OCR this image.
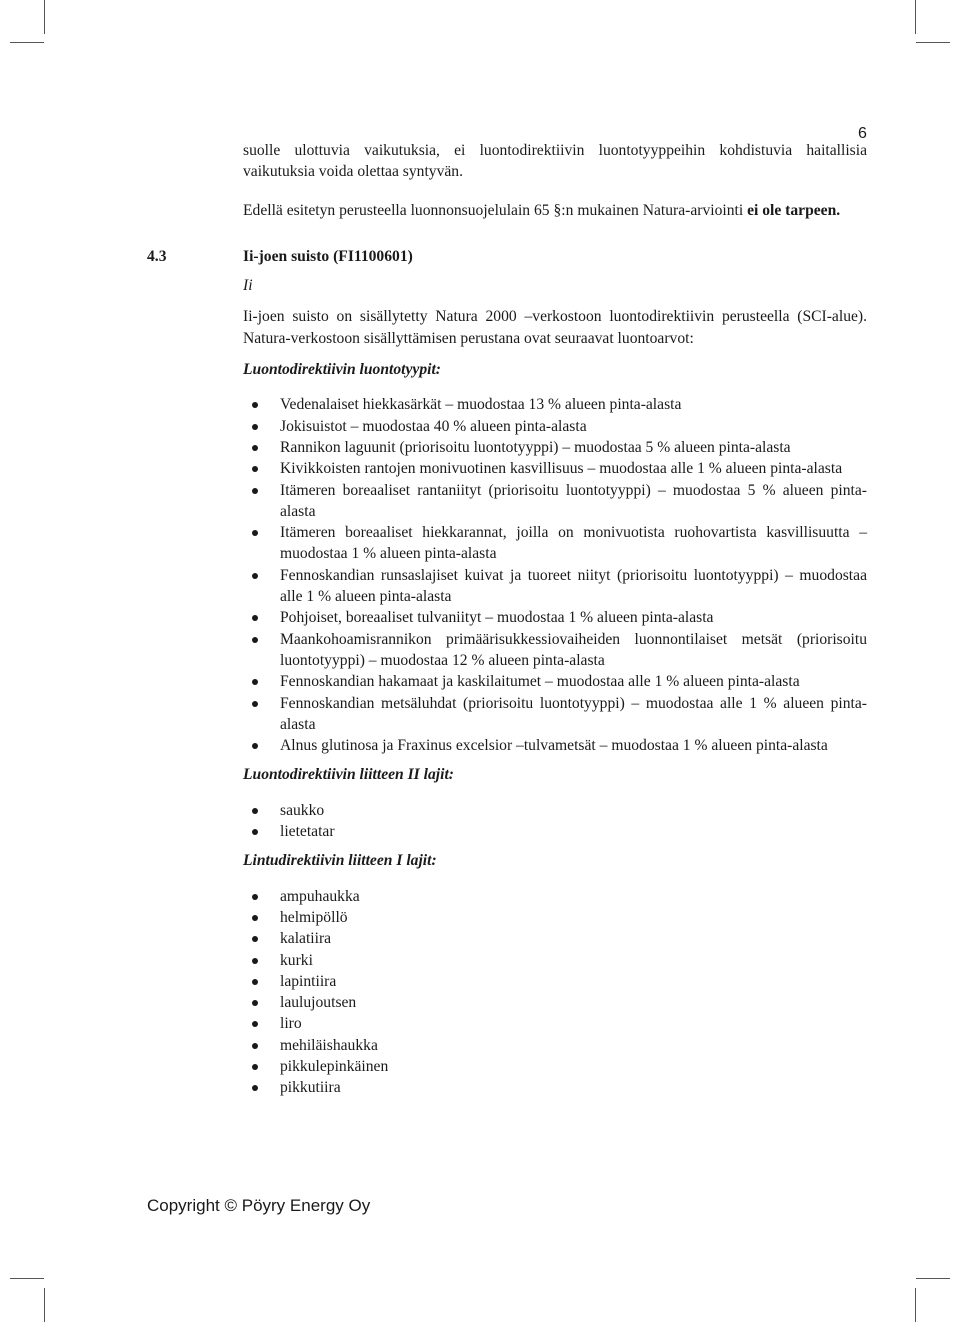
6

suolle ulottuvia vaikutuksia, ei luontodirektiivin luontotyyppeihin kohdistuvia haitallisia vaikutuksia voida olettaa syntyvän.

Edellä esitetyn perusteella luonnonsuojelulain 65 §:n mukainen Natura-arviointi ei ole tarpeen.

4.3	Ii-joen suisto (FI1100601)

Ii

Ii-joen suisto on sisällytetty Natura 2000 –verkostoon luontodirektiivin perusteella (SCI-alue). Natura-verkostoon sisällyttämisen perustana ovat seuraavat luontoarvot:

Luontodirektiivin luontotyypit:
Vedenalaiset hiekkasärkät – muodostaa 13 % alueen pinta-alasta
Jokisuistot – muodostaa 40 % alueen pinta-alasta
Rannikon laguunit (priorisoitu luontotyyppi) – muodostaa 5 % alueen pinta-alasta
Kivikkoisten rantojen monivuotinen kasvillisuus – muodostaa alle 1 % alueen pinta-alasta
Itämeren boreaaliset rantaniityt (priorisoitu luontotyyppi) – muodostaa 5 % alueen pinta-alasta
Itämeren boreaaliset hiekkarannat, joilla on monivuotista ruohovartista kasvillisuutta – muodostaa 1 % alueen pinta-alasta
Fennoskandian runsaslajiset kuivat ja tuoreet niityt (priorisoitu luontotyyppi) – muodostaa alle 1 % alueen pinta-alasta
Pohjoiset, boreaaliset tulvaniityt – muodostaa 1 % alueen pinta-alasta
Maankohoamisrannikon primäärisukkessiovaiheiden luonnontilaiset metsät (priorisoitu luontotyyppi) – muodostaa 12 % alueen pinta-alasta
Fennoskandian hakamaat ja kaskilaitumet – muodostaa alle 1 % alueen pinta-alasta
Fennoskandian metsäluhdat (priorisoitu luontotyyppi) – muodostaa alle 1 % alueen pinta-alasta
Alnus glutinosa ja Fraxinus excelsior –tulvametsät – muodostaa 1 % alueen pinta-alasta
Luontodirektiivin liitteen II lajit:
saukko
lietetatar
Lintudirektiivin liitteen I lajit:
ampuhaukka
helmipöllö
kalatiira
kurki
lapintiira
laulujoutsen
liro
mehiläishaukka
pikkulepinkäinen
pikkutiira
Copyright © Pöyry Energy Oy
